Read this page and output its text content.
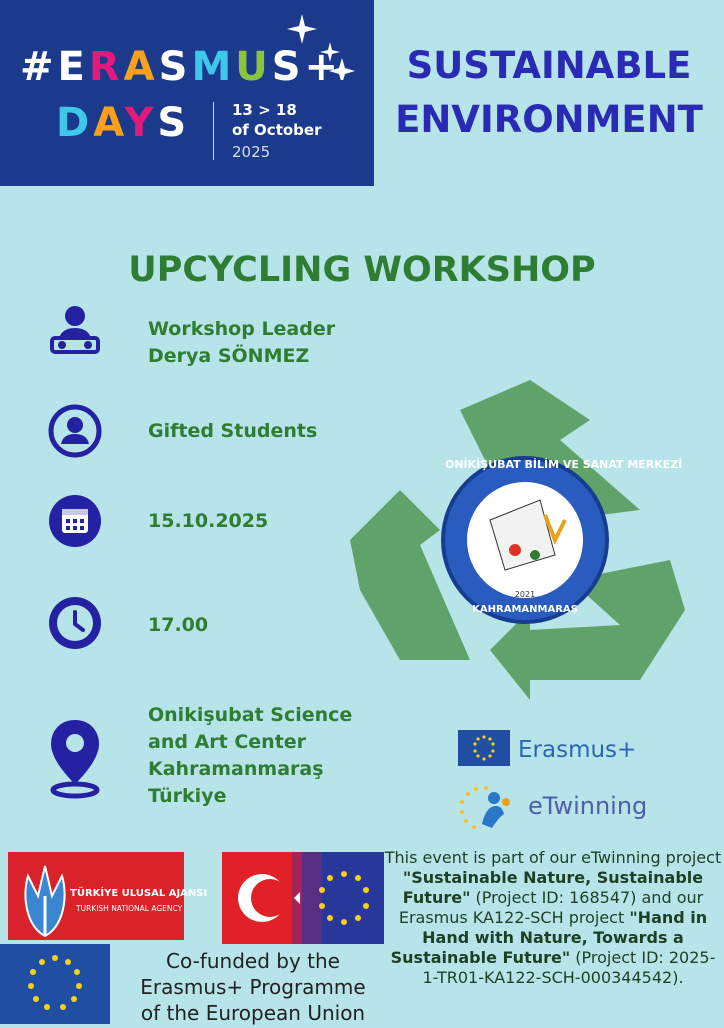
#ERASMUS+
DAYS	13 > 18
of October
2025
SUSTAINABLE
ENVIRONMENT
UPCYCLING WORKSHOP
Workshop Leader
Derya SÖNMEZ
Gifted Students
15.10.2025
17.00
Onikişubat Science
and Art Center
Kahramanmaraş
Türkiye
ONİKİŞUBAT BİLİM VE SANAT MERKEZİ
2021
KAHRAMANMARAŞ
Erasmus+
eTwinning
TÜRKİYE ULUSAL AJANSI
TURKISH NATIONAL AGENCY
Co-funded by the
Erasmus+ Programme
of the European Union
This event is part of our eTwinning project "Sustainable Nature, Sustainable Future" (Project ID: 168547) and our Erasmus KA122-SCH project "Hand in Hand with Nature, Towards a Sustainable Future" (Project ID: 2025-1-TR01-KA122-SCH-000344542).
